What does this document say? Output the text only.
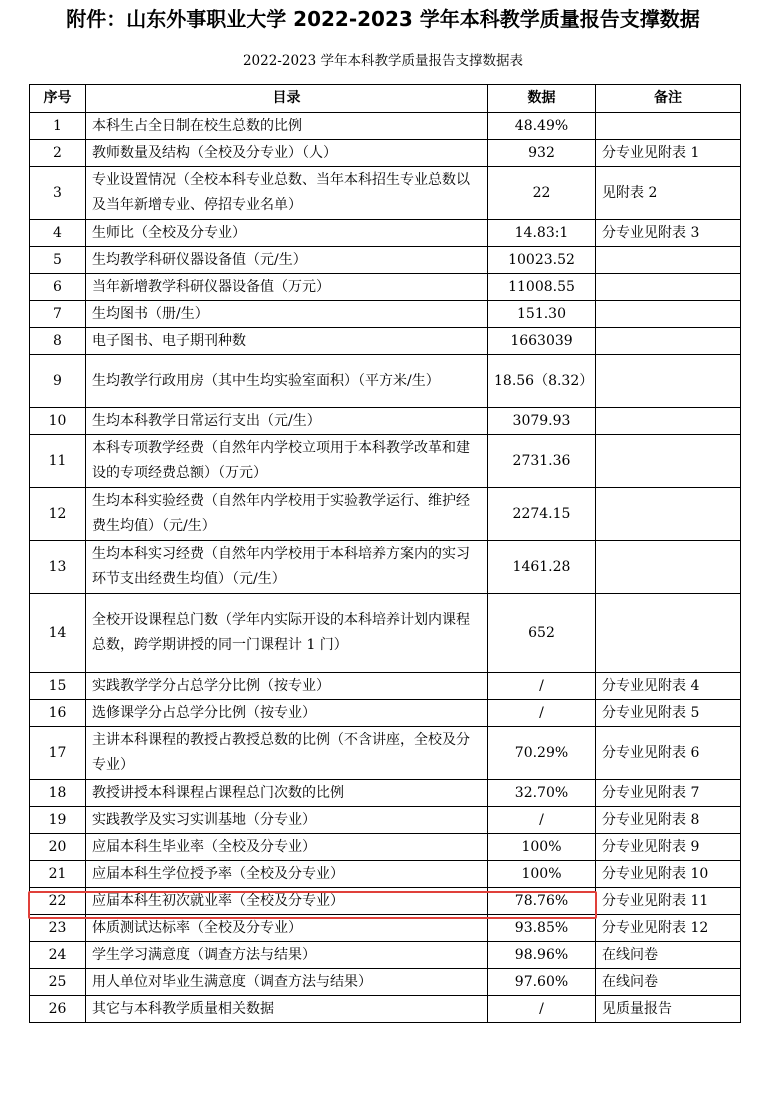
附件：山东外事职业大学 2022-2023 学年本科教学质量报告支撑数据
2022-2023 学年本科教学质量报告支撑数据表
序号	目录	数据	备注
1	本科生占全日制在校生总数的比例	48.49%	
2	教师数量及结构（全校及分专业）（人）	932	分专业见附表 1
3	专业设置情况（全校本科专业总数、当年本科招生专业总数以及当年新增专业、停招专业名单）	22	见附表 2
4	生师比（全校及分专业）	14.83:1	分专业见附表 3
5	生均教学科研仪器设备值（元/生）	10023.52	
6	当年新增教学科研仪器设备值（万元）	11008.55	
7	生均图书（册/生）	151.30	
8	电子图书、电子期刊种数	1663039	
9	生均教学行政用房（其中生均实验室面积）（平方米/生）	18.56（8.32）	
10	生均本科教学日常运行支出（元/生）	3079.93	
11	本科专项教学经费（自然年内学校立项用于本科教学改革和建设的专项经费总额）（万元）	2731.36	
12	生均本科实验经费（自然年内学校用于实验教学运行、维护经费生均值）（元/生）	2274.15	
13	生均本科实习经费（自然年内学校用于本科培养方案内的实习环节支出经费生均值）（元/生）	1461.28	
14	全校开设课程总门数（学年内实际开设的本科培养计划内课程总数，跨学期讲授的同一门课程计 1 门）	652	
15	实践教学学分占总学分比例（按专业）	/	分专业见附表 4
16	选修课学分占总学分比例（按专业）	/	分专业见附表 5
17	主讲本科课程的教授占教授总数的比例（不含讲座，全校及分专业）	70.29%	分专业见附表 6
18	教授讲授本科课程占课程总门次数的比例	32.70%	分专业见附表 7
19	实践教学及实习实训基地（分专业）	/	分专业见附表 8
20	应届本科生毕业率（全校及分专业）	100%	分专业见附表 9
21	应届本科生学位授予率（全校及分专业）	100%	分专业见附表 10
22	应届本科生初次就业率（全校及分专业）	78.76%	分专业见附表 11
23	体质测试达标率（全校及分专业）	93.85%	分专业见附表 12
24	学生学习满意度（调查方法与结果）	98.96%	在线问卷
25	用人单位对毕业生满意度（调查方法与结果）	97.60%	在线问卷
26	其它与本科教学质量相关数据	/	见质量报告
